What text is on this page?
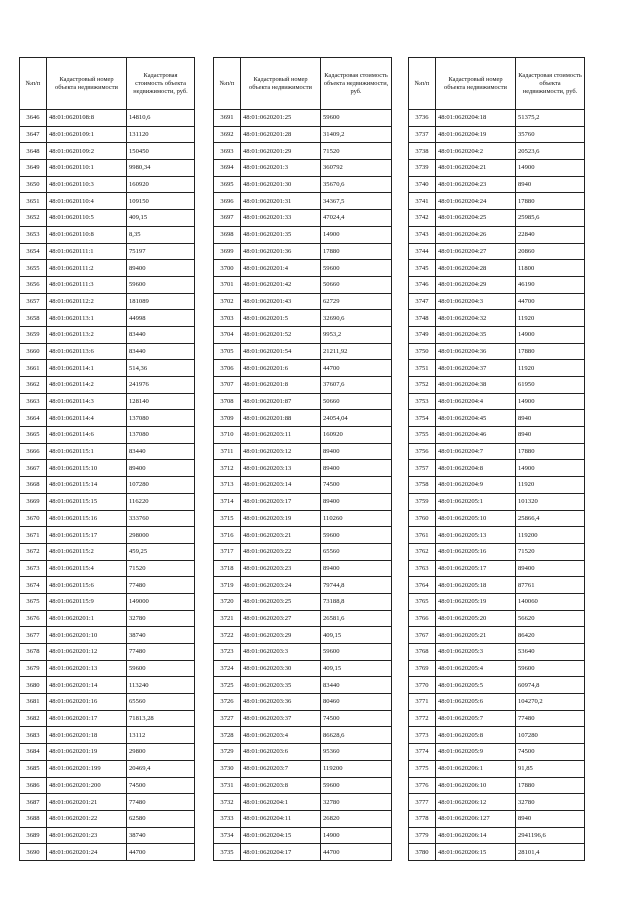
№п/п	Кадастровый номер объекта недвижимости	Кадастровая стоимость объекта недвижимости, руб.
3646	48:01:0620108:8	14810,6
3647	48:01:0620109:1	131120
3648	48:01:0620109:2	150450
3649	48:01:0620110:1	9980,34
3650	48:01:0620110:3	160920
3651	48:01:0620110:4	109150
3652	48:01:0620110:5	409,15
3653	48:01:0620110:8	8,35
3654	48:01:0620111:1	75197
3655	48:01:0620111:2	89400
3656	48:01:0620111:3	59600
3657	48:01:0620112:2	181089
3658	48:01:0620113:1	44998
3659	48:01:0620113:2	83440
3660	48:01:0620113:6	83440
3661	48:01:0620114:1	514,36
3662	48:01:0620114:2	241976
3663	48:01:0620114:3	128140
3664	48:01:0620114:4	137080
3665	48:01:0620114:6	137080
3666	48:01:0620115:1	83440
3667	48:01:0620115:10	89400
3668	48:01:0620115:14	107280
3669	48:01:0620115:15	116220
3670	48:01:0620115:16	333760
3671	48:01:0620115:17	298000
3672	48:01:0620115:2	459,25
3673	48:01:0620115:4	71520
3674	48:01:0620115:6	77480
3675	48:01:0620115:9	149000
3676	48:01:0620201:1	32780
3677	48:01:0620201:10	38740
3678	48:01:0620201:12	77480
3679	48:01:0620201:13	59600
3680	48:01:0620201:14	113240
3681	48:01:0620201:16	65560
3682	48:01:0620201:17	71813,28
3683	48:01:0620201:18	13112
3684	48:01:0620201:19	29800
3685	48:01:0620201:199	20469,4
3686	48:01:0620201:200	74500
3687	48:01:0620201:21	77480
3688	48:01:0620201:22	62580
3689	48:01:0620201:23	38740
3690	48:01:0620201:24	44700
№п/п	Кадастровый номер объекта недвижимости	Кадастровая стоимость объекта недвижимости, руб.
3691	48:01:0620201:25	59600
3692	48:01:0620201:28	31409,2
3693	48:01:0620201:29	71520
3694	48:01:0620201:3	360792
3695	48:01:0620201:30	35670,6
3696	48:01:0620201:31	34367,5
3697	48:01:0620201:33	47024,4
3698	48:01:0620201:35	14900
3699	48:01:0620201:36	17880
3700	48:01:0620201:4	59600
3701	48:01:0620201:42	50660
3702	48:01:0620201:43	62729
3703	48:01:0620201:5	32690,6
3704	48:01:0620201:52	9953,2
3705	48:01:0620201:54	21211,92
3706	48:01:0620201:6	44700
3707	48:01:0620201:8	37607,6
3708	48:01:0620201:87	50660
3709	48:01:0620201:88	24054,04
3710	48:01:0620203:11	160920
3711	48:01:0620203:12	89400
3712	48:01:0620203:13	89400
3713	48:01:0620203:14	74500
3714	48:01:0620203:17	89400
3715	48:01:0620203:19	110260
3716	48:01:0620203:21	59600
3717	48:01:0620203:22	65560
3718	48:01:0620203:23	89400
3719	48:01:0620203:24	79744,8
3720	48:01:0620203:25	73188,8
3721	48:01:0620203:27	26581,6
3722	48:01:0620203:29	409,15
3723	48:01:0620203:3	59600
3724	48:01:0620203:30	409,15
3725	48:01:0620203:35	83440
3726	48:01:0620203:36	80460
3727	48:01:0620203:37	74500
3728	48:01:0620203:4	86628,6
3729	48:01:0620203:6	95360
3730	48:01:0620203:7	119200
3731	48:01:0620203:8	59600
3732	48:01:0620204:1	32780
3733	48:01:0620204:11	26820
3734	48:01:0620204:15	14900
3735	48:01:0620204:17	44700
№п/п	Кадастровый номер объекта недвижимости	Кадастровая стоимость объекта недвижимости, руб.
3736	48:01:0620204:18	51375,2
3737	48:01:0620204:19	35760
3738	48:01:0620204:2	20523,6
3739	48:01:0620204:21	14900
3740	48:01:0620204:23	8940
3741	48:01:0620204:24	17880
3742	48:01:0620204:25	25985,6
3743	48:01:0620204:26	22840
3744	48:01:0620204:27	20860
3745	48:01:0620204:28	11800
3746	48:01:0620204:29	46190
3747	48:01:0620204:3	44700
3748	48:01:0620204:32	11920
3749	48:01:0620204:35	14900
3750	48:01:0620204:36	17880
3751	48:01:0620204:37	11920
3752	48:01:0620204:38	61950
3753	48:01:0620204:4	14900
3754	48:01:0620204:45	8940
3755	48:01:0620204:46	8940
3756	48:01:0620204:7	17880
3757	48:01:0620204:8	14900
3758	48:01:0620204:9	11920
3759	48:01:0620205:1	101320
3760	48:01:0620205:10	25866,4
3761	48:01:0620205:13	119200
3762	48:01:0620205:16	71520
3763	48:01:0620205:17	89400
3764	48:01:0620205:18	87761
3765	48:01:0620205:19	140060
3766	48:01:0620205:20	56620
3767	48:01:0620205:21	86420
3768	48:01:0620205:3	53640
3769	48:01:0620205:4	59600
3770	48:01:0620205:5	60974,8
3771	48:01:0620205:6	104270,2
3772	48:01:0620205:7	77480
3773	48:01:0620205:8	107280
3774	48:01:0620205:9	74500
3775	48:01:0620206:1	91,85
3776	48:01:0620206:10	17880
3777	48:01:0620206:12	32780
3778	48:01:0620206:127	8940
3779	48:01:0620206:14	2941196,6
3780	48:01:0620206:15	28101,4
